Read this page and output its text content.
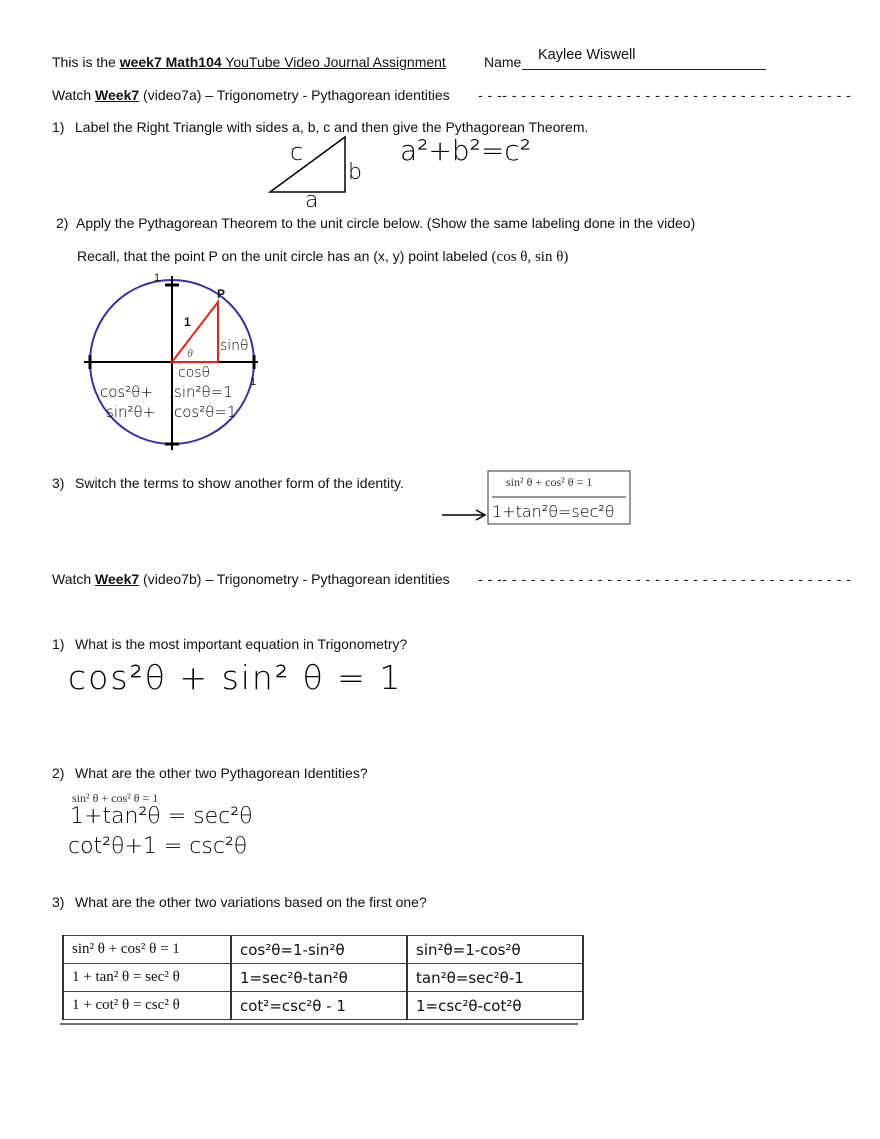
This is the week7 Math104 YouTube Video Journal Assignment	Name Kaylee Wiswell
Watch Week7 (video7a) – Trigonometry - Pythagorean identities - - -- - - - - - - - - - - - - - - - - - - - - - - - - - - - - - - - - - - - -
1) Label the Right Triangle with sides a, b, c and then give the Pythagorean Theorem.
c
b
a
a²+b²=c²
2) Apply the Pythagorean Theorem to the unit circle below. (Show the same labeling done in the video)
Recall, that the point P on the unit circle has an (x, y) point labeled (cos θ, sin θ)
1
1
P
1
θ sinθ
cosθ
cos²θ+
sin²θ+
sin²θ=1
cos²θ=1
3) Switch the terms to show another form of the identity.	sin² θ + cos² θ = 1
1+tan²θ=sec²θ
Watch Week7 (video7b) – Trigonometry - Pythagorean identities - - -- - - - - - - - - - - - - - - - - - - - - - - - - - - - - - - - - - - - -
1) What is the most important equation in Trigonometry?
cos²θ + sin² θ = 1
2) What are the other two Pythagorean Identities?
sin² θ + cos² θ = 1
1+tan²θ = sec²θ
cot²θ+1 = csc²θ
3) What are the other two variations based on the first one?
sin² θ + cos² θ = 1	cos²θ=1-sin²θ	sin²θ=1-cos²θ
1 + tan² θ = sec² θ	1=sec²θ-tan²θ	tan²θ=sec²θ-1
1 + cot² θ = csc² θ	cot²=csc²θ - 1	1=csc²θ-cot²θ
